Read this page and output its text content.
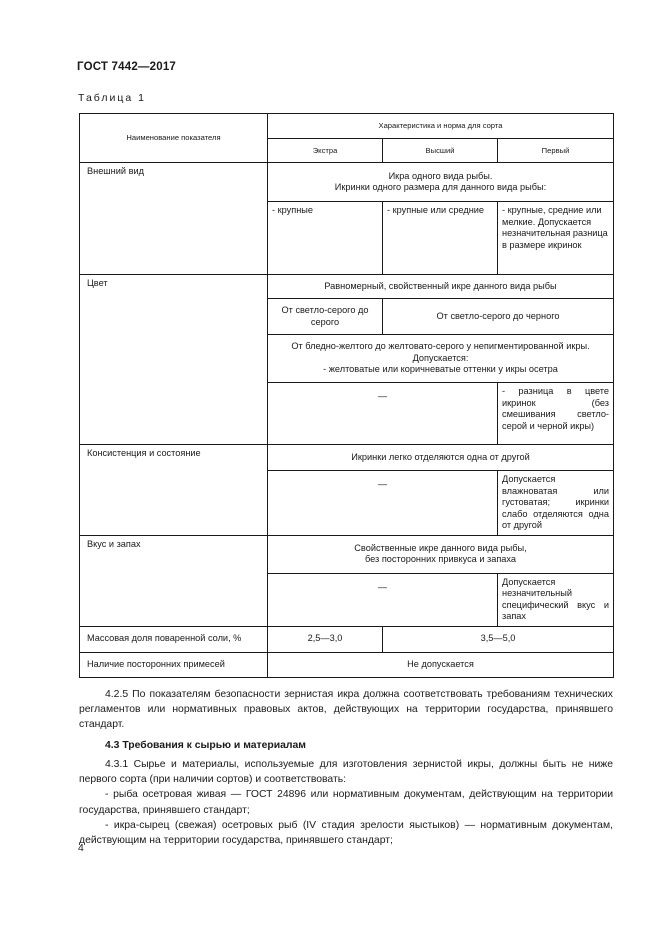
ГОСТ 7442—2017
Таблица 1
Наименование показателя	Характеристика и норма для сорта		
	Экстра	Высший	Первый
Внешний вид	Икра одного вида рыбы.
Икринки одного размера для данного вида рыбы:		

	- крупные	- крупные или средние	- крупные, средние или мелкие. Допускается незначительная разница в размере икринок
Цвет	Равномерный, свойственный икре данного вида рыбы		
	От светло-серого до серого	От светло-серого до черного	

	От бледно-желтого до желтовато-серого у непигментированной икры.
Допускается:
- желтоватые или коричневатые оттенки у икры осетра		

	—		- разница в цвете икринок (без смешивания светло-серой и черной икры)
Консистенция и состояние	Икринки легко отделяются одна от другой		
	—		Допускается влажноватая или густоватая; икринки слабо отделяются одна от другой
Вкус и запах	Свойственные икре данного вида рыбы,
без посторонних привкуса и запаха		

	—		Допускается незначительный специфический вкус и запах
Массовая доля поваренной соли, %	2,5—3,0	3,5—5,0	
Наличие посторонних примесей	Не допускается		

4.2.5 По показателям безопасности зернистая икра должна соответствовать требованиям технических регламентов или нормативных правовых актов, действующих на территории государства, принявшего стандарт.

4.3 Требования к сырью и материалам

4.3.1 Сырье и материалы, используемые для изготовления зернистой икры, должны быть не ниже первого сорта (при наличии сортов) и соответствовать:

- рыба осетровая живая — ГОСТ 24896 или нормативным документам, действующим на территории государства, принявшего стандарт;

- икра-сырец (свежая) осетровых рыб (IV стадия зрелости яыстыков) — нормативным документам, действующим на территории государства, принявшего стандарт;

4
